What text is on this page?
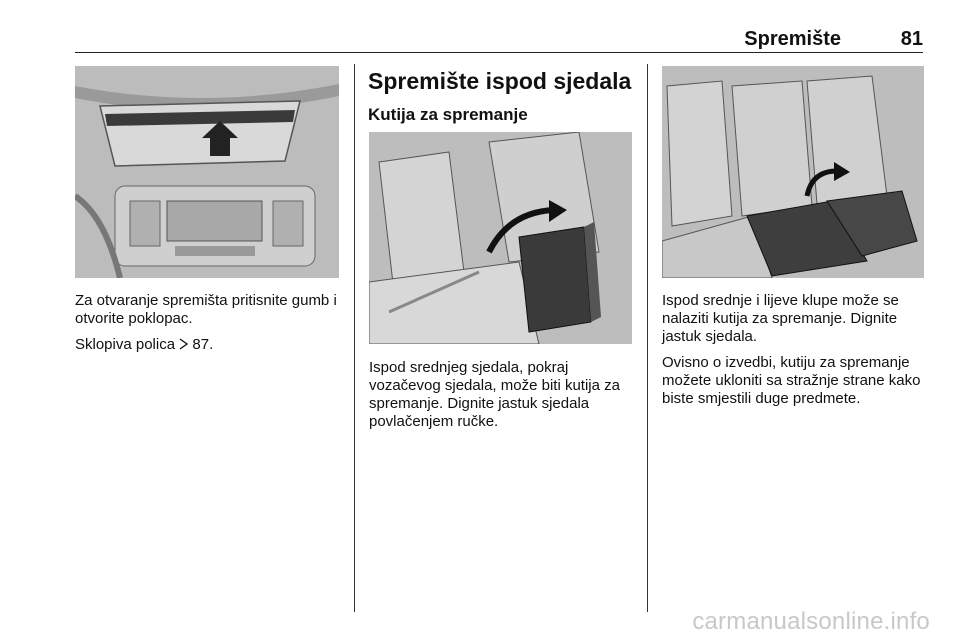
Spremište	81

Za otvaranje spremišta pritisnite gumb i otvorite poklopac.

Sklopiva polica 87.

Spremište ispod sjedala
Kutija za spremanje

Ispod srednjeg sjedala, pokraj vozačevog sjedala, može biti kutija za spremanje. Dignite jastuk sjedala povlačenjem ručke.

Ispod srednje i lijeve klupe može se nalaziti kutija za spremanje. Dignite jastuk sjedala.

Ovisno o izvedbi, kutiju za spremanje možete ukloniti sa stražnje strane kako biste smjestili duge predmete.

carmanualsonline.info
